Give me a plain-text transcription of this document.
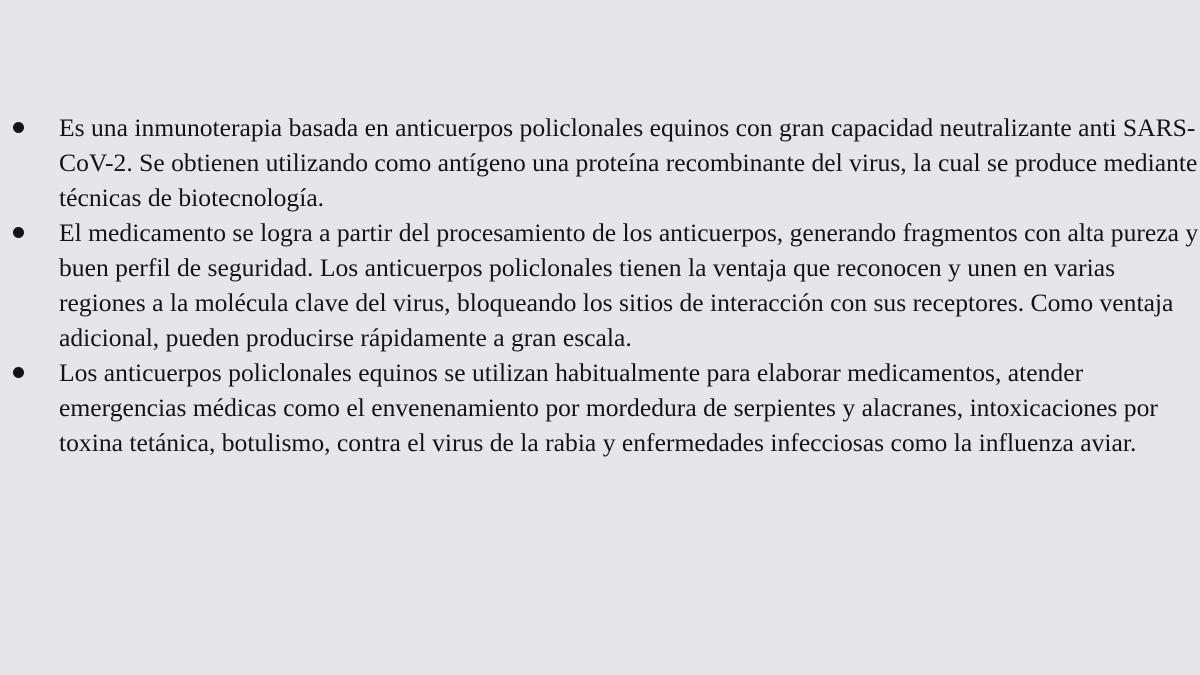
Es una inmunoterapia basada en anticuerpos policlonales equinos con gran capacidad neutralizante anti SARS-CoV-2. Se obtienen utilizando como antígeno una proteína recombinante del virus, la cual se produce mediante técnicas de biotecnología.
El medicamento se logra a partir del procesamiento de los anticuerpos, generando fragmentos con alta pureza y buen perfil de seguridad. Los anticuerpos policlonales tienen la ventaja que reconocen y unen en varias regiones a la molécula clave del virus, bloqueando los sitios de interacción con sus receptores. Como ventaja adicional, pueden producirse rápidamente a gran escala.
Los anticuerpos policlonales equinos se utilizan habitualmente para elaborar medicamentos, atender emergencias médicas como el envenenamiento por mordedura de serpientes y alacranes, intoxicaciones por toxina tetánica, botulismo, contra el virus de la rabia y enfermedades infecciosas como la influenza aviar.
